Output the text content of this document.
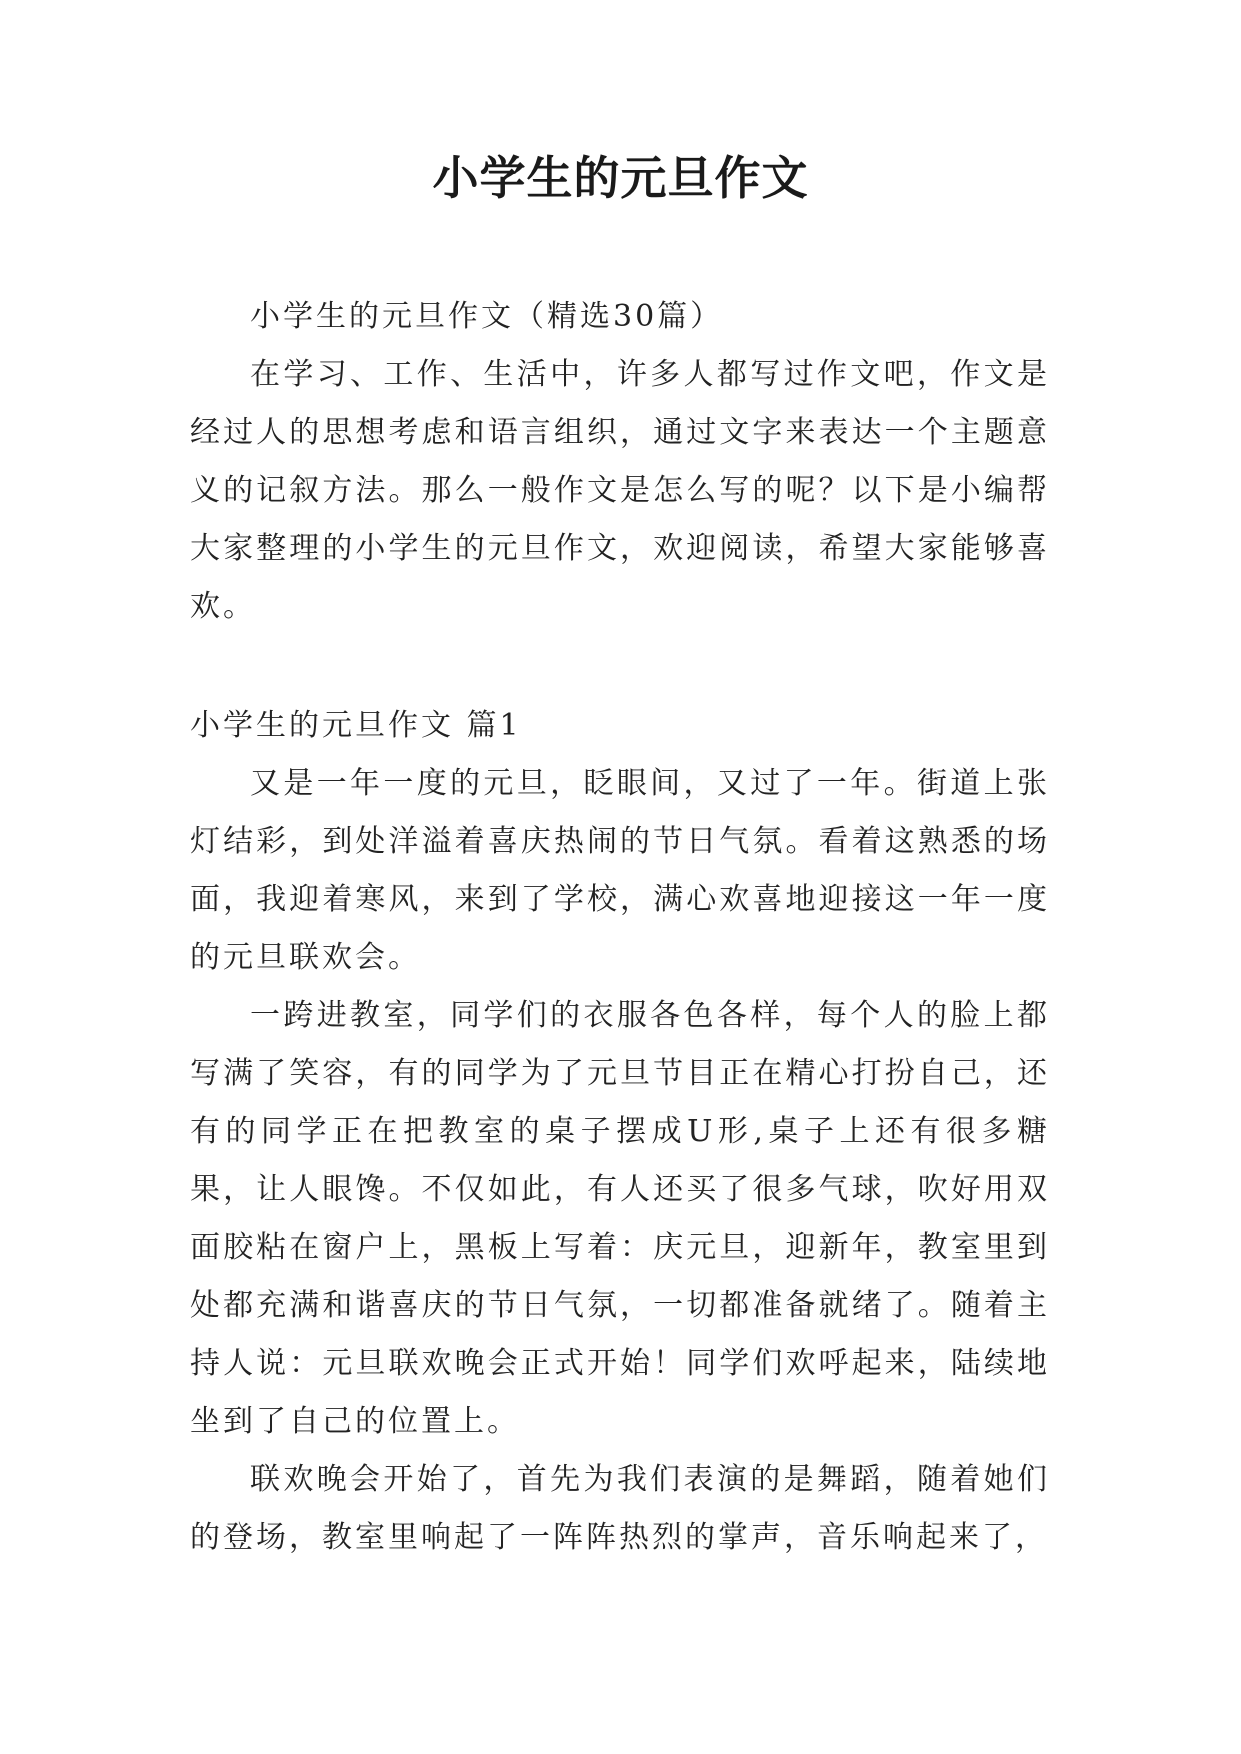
小学生的元旦作文

小学生的元旦作文（精选30篇）

在学习、工作、生活中，许多人都写过作文吧，作文是经过人的思想考虑和语言组织，通过文字来表达一个主题意义的记叙方法。那么一般作文是怎么写的呢？以下是小编帮大家整理的小学生的元旦作文，欢迎阅读，希望大家能够喜欢。

小学生的元旦作文 篇1

又是一年一度的元旦，眨眼间，又过了一年。街道上张灯结彩，到处洋溢着喜庆热闹的节日气氛。看着这熟悉的场面，我迎着寒风，来到了学校，满心欢喜地迎接这一年一度的元旦联欢会。

一跨进教室，同学们的衣服各色各样，每个人的脸上都写满了笑容，有的同学为了元旦节目正在精心打扮自己，还有的同学正在把教室的桌子摆成U形,桌子上还有很多糖果，让人眼馋。不仅如此，有人还买了很多气球，吹好用双面胶粘在窗户上，黑板上写着：庆元旦，迎新年，教室里到处都充满和谐喜庆的节日气氛，一切都准备就绪了。随着主持人说：元旦联欢晚会正式开始！同学们欢呼起来，陆续地坐到了自己的位置上。

联欢晚会开始了，首先为我们表演的是舞蹈，随着她们的登场，教室里响起了一阵阵热烈的掌声，音乐响起来了，
